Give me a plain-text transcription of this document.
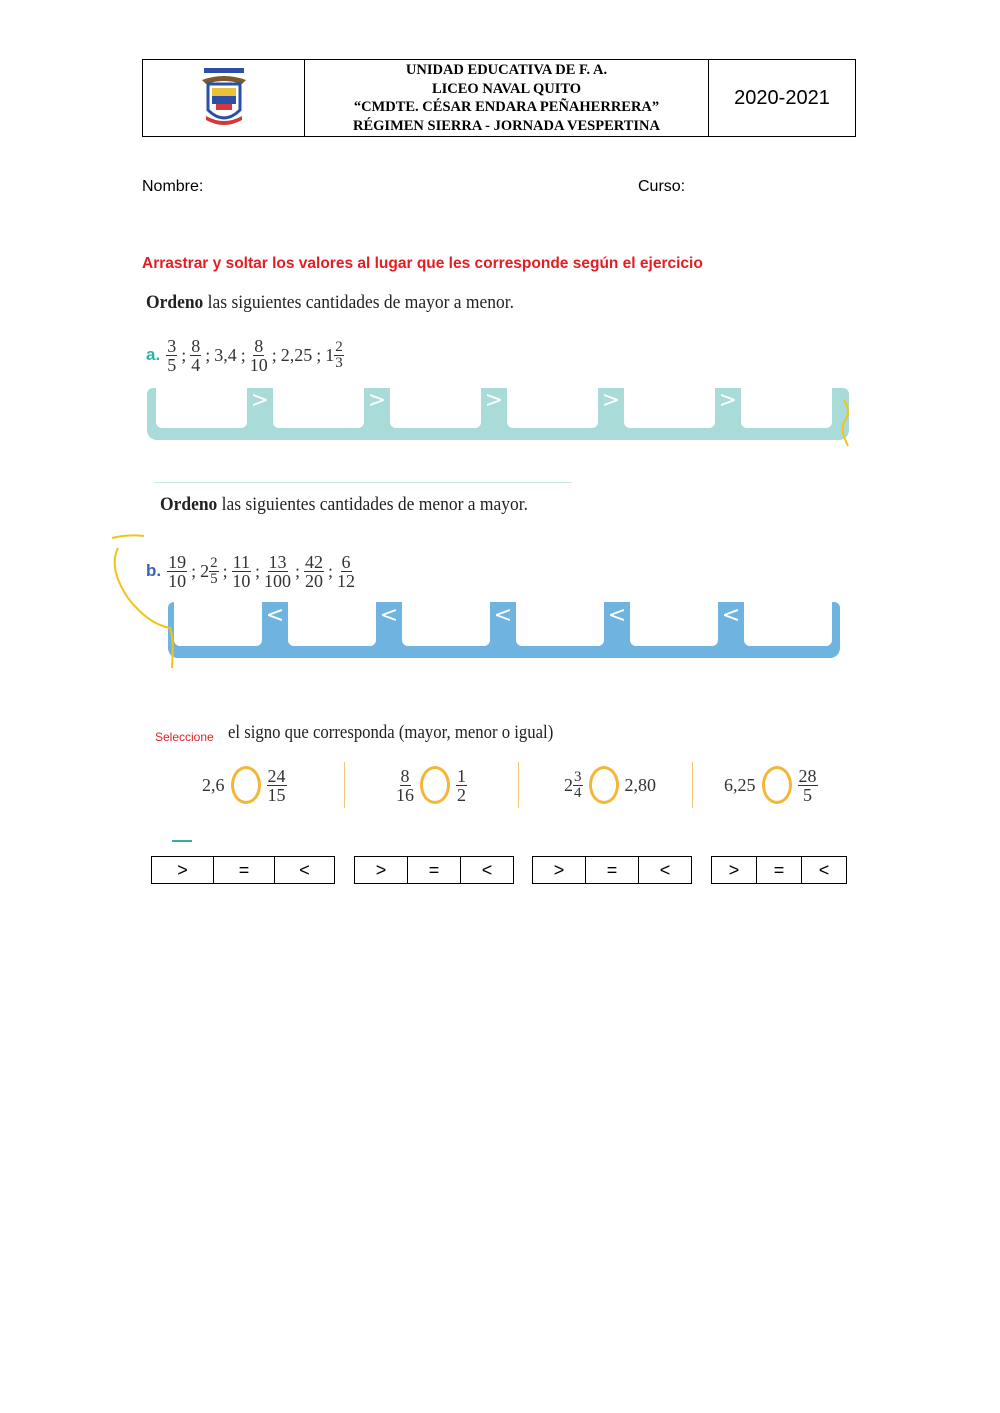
UNIDAD EDUCATIVA DE F. A.
LICEO NAVAL QUITO
“CMDTE. CÉSAR ENDARA PEÑAHERRERA”
RÉGIMEN SIERRA - JORNADA VESPERTINA
2020-2021
Nombre:	Curso:
Arrastrar y soltar los valores al lugar que les corresponde según el ejercicio
Ordeno las siguientes cantidades de mayor a menor.
a. $\frac{3}{5}$ ; $\frac{8}{4}$ ; 3,4 ; $\frac{8}{10}$ ; 2,25 ; $1 \frac{2}{3}$
>	>	>	>	>
Ordeno las siguientes cantidades de menor a mayor.
b. $\frac{19}{10}$ ; $2 \frac{2}{5}$ ; $\frac{11}{10}$ ; $\frac{13}{100}$ ; $\frac{42}{20}$ ; $\frac{6}{12}$
<	<	<	<	<
Seleccione el signo que corresponda (mayor, menor o igual)
$2,6 \frac{24}{15}$	$\frac{8}{16} \frac{1}{2}$	$2 \frac{3}{4} 2,80$	$6,25 \frac{28}{5}$
>	=	<	>	=	<	>	=	<	>	=	<
